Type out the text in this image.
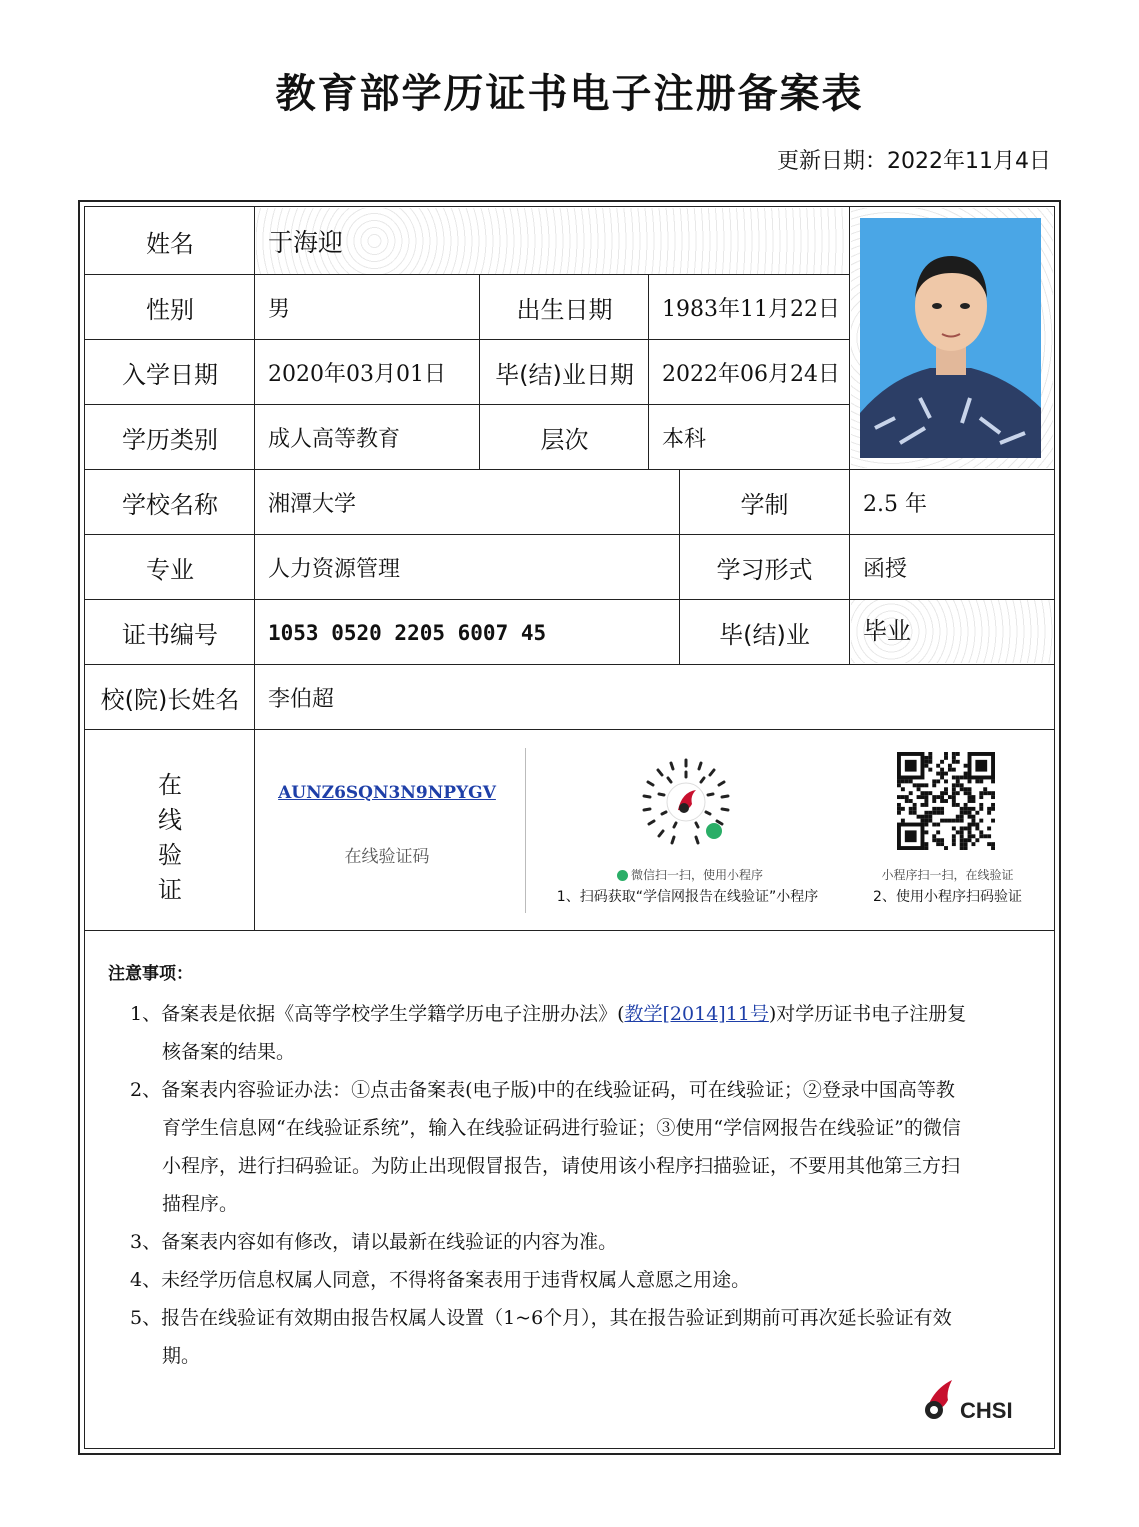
教育部学历证书电子注册备案表
更新日期：2022年11月4日
姓名	于海迎
性别	男	出生日期	1983年11月22日
入学日期	2020年03月01日	毕(结)业日期	2022年06月24日
学历类别	成人高等教育	层次	本科
学校名称	湘潭大学	学制	2.5 年
专业	人力资源管理	学习形式	函授
证书编号	1053 0520 2205 6007 45	毕(结)业	毕业
校(院)长姓名	李伯超
在
线
验
证
AUNZ6SQN3N9NPYGV
在线验证码
微信扫一扫，使用小程序
1、扫码获取“学信网报告在线验证”小程序
小程序扫一扫，在线验证
2、使用小程序扫码验证
注意事项：
1、备案表是依据《高等学校学生学籍学历电子注册办法》(教学[2014]11号)对学历证书电子注册复核备案的结果。
2、备案表内容验证办法：①点击备案表(电子版)中的在线验证码，可在线验证；②登录中国高等教育学生信息网“在线验证系统”，输入在线验证码进行验证；③使用“学信网报告在线验证”的微信小程序，进行扫码验证。为防止出现假冒报告，请使用该小程序扫描验证，不要用其他第三方扫描程序。
3、备案表内容如有修改，请以最新在线验证的内容为准。
4、未经学历信息权属人同意，不得将备案表用于违背权属人意愿之用途。
5、报告在线验证有效期由报告权属人设置（1~6个月），其在报告验证到期前可再次延长验证有效期。
CHSI
